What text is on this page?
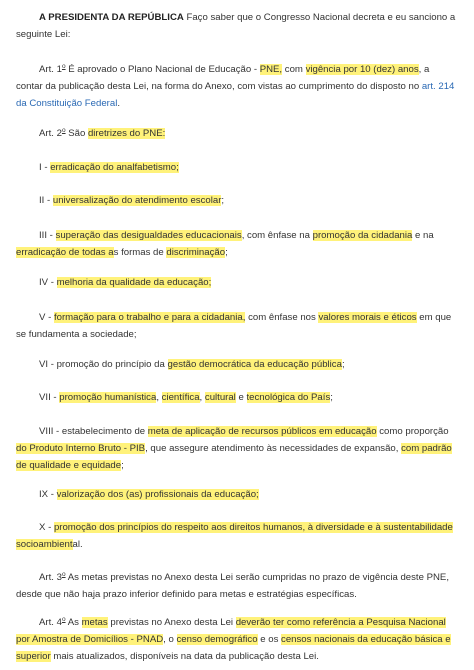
A PRESIDENTA DA REPÚBLICA Faço saber que o Congresso Nacional decreta e eu sanciono a
seguinte Lei:

Art. 1$^o$ É aprovado o Plano Nacional de Educação - PNE, com vigência por 10 (dez) anos, a
contar da publicação desta Lei, na forma do Anexo, com vistas ao cumprimento do disposto no art. 214
da Constituição Federal.

Art. 2$^o$ São diretrizes do PNE:

I - erradicação do analfabetismo;

II - universalização do atendimento escolar;

III - superação das desigualdades educacionais, com ênfase na promoção da cidadania e na
erradicação de todas as formas de discriminação;

IV - melhoria da qualidade da educação;

V - formação para o trabalho e para a cidadania, com ênfase nos valores morais e éticos em que
se fundamenta a sociedade;

VI - promoção do princípio da gestão democrática da educação pública;

VII - promoção humanística, científica, cultural e tecnológica do País;

VIII - estabelecimento de meta de aplicação de recursos públicos em educação como proporção
do Produto Interno Bruto - PIB, que assegure atendimento às necessidades de expansão, com padrão
de qualidade e equidade;

IX - valorização dos (as) profissionais da educação;

X - promoção dos princípios do respeito aos direitos humanos, à diversidade e à sustentabilidade
socioambiental.

Art. 3$^o$ As metas previstas no Anexo desta Lei serão cumpridas no prazo de vigência deste PNE,
desde que não haja prazo inferior definido para metas e estratégias específicas.

Art. 4$^o$ As metas previstas no Anexo desta Lei deverão ter como referência a Pesquisa Nacional
por Amostra de Domicílios - PNAD, o censo demográfico e os censos nacionais da educação básica e
superior mais atualizados, disponíveis na data da publicação desta Lei.
